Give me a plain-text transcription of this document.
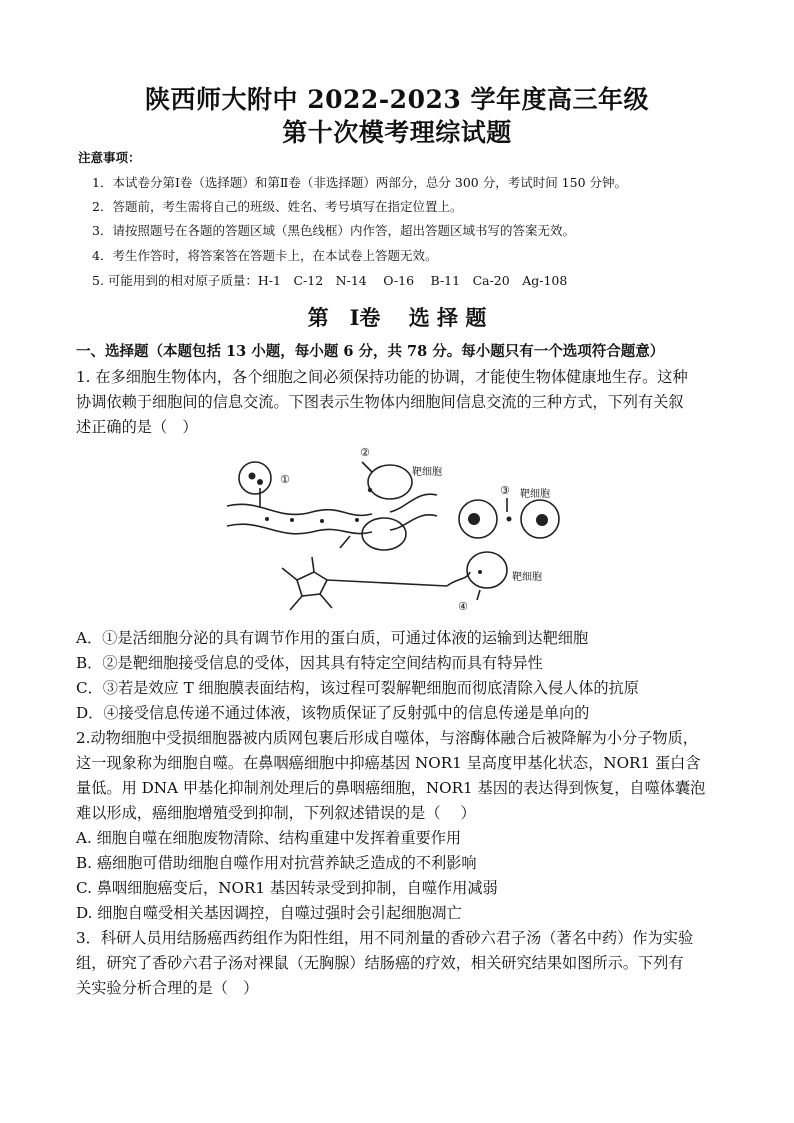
陕西师大附中 2022-2023 学年度高三年级
第十次模考理综试题
注意事项：
1．本试卷分第Ⅰ卷（选择题）和第Ⅱ卷（非选择题）两部分，总分 300 分，考试时间 150 分钟。
2．答题前，考生需将自己的班级、姓名、考号填写在指定位置上。
3．请按照题号在各题的答题区域（黑色线框）内作答，超出答题区域书写的答案无效。
4．考生作答时，将答案答在答题卡上，在本试卷上答题无效。
5. 可能用到的相对原子质量：H-1　C-12　N-14　 O-16　 B-11　Ca-20　Ag-108
第　Ⅰ卷　 选 择 题
一、选择题（本题包括 13 小题，每小题 6 分，共 78 分。每小题只有一个选项符合题意）
1. 在多细胞生物体内，各个细胞之间必须保持功能的协调，才能使生物体健康地生存。这种
协调依赖于细胞间的信息交流。下图表示生物体内细胞间信息交流的三种方式，下列有关叙
述正确的是（　）
①
②
③
④
靶细胞
靶细胞
靶细胞
A．①是活细胞分泌的具有调节作用的蛋白质，可通过体液的运输到达靶细胞
B．②是靶细胞接受信息的受体，因其具有特定空间结构而具有特异性
C．③若是效应 T 细胞膜表面结构，该过程可裂解靶细胞而彻底清除入侵人体的抗原
D．④接受信息传递不通过体液，该物质保证了反射弧中的信息传递是单向的
2.动物细胞中受损细胞器被内质网包裹后形成自噬体，与溶酶体融合后被降解为小分子物质，
这一现象称为细胞自噬。在鼻咽癌细胞中抑癌基因 NOR1 呈高度甲基化状态，NOR1 蛋白含
量低。用 DNA 甲基化抑制剂处理后的鼻咽癌细胞，NOR1 基因的表达得到恢复，自噬体囊泡
难以形成，癌细胞增殖受到抑制，下列叙述错误的是（　 ）
A. 细胞自噬在细胞废物清除、结构重建中发挥着重要作用
B. 癌细胞可借助细胞自噬作用对抗营养缺乏造成的不利影响
C. 鼻咽细胞癌变后，NOR1 基因转录受到抑制，自噬作用减弱
D. 细胞自噬受相关基因调控，自噬过强时会引起细胞凋亡
3．科研人员用结肠癌西药组作为阳性组，用不同剂量的香砂六君子汤（著名中药）作为实验
组，研究了香砂六君子汤对裸鼠（无胸腺）结肠癌的疗效，相关研究结果如图所示。下列有
关实验分析合理的是（　）
